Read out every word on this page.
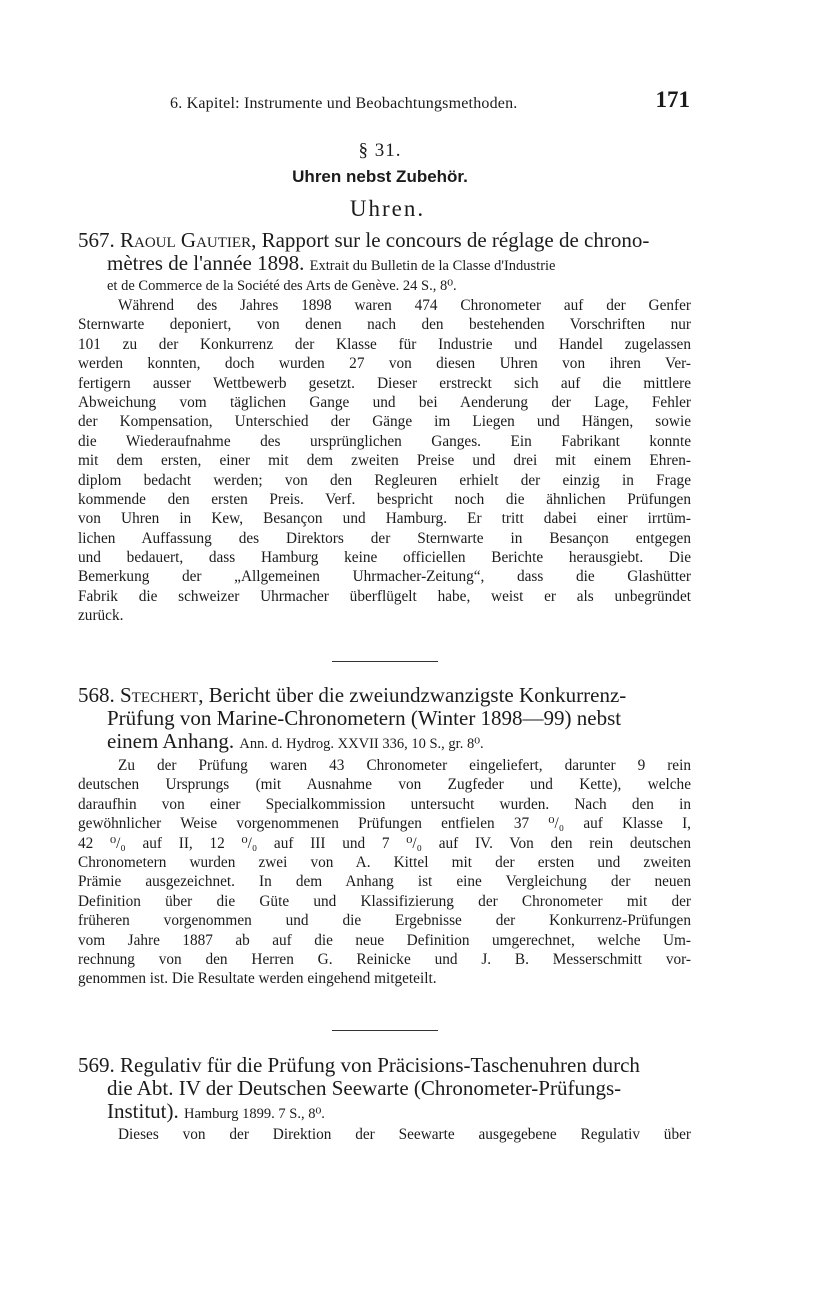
6. Kapitel: Instrumente und Beobachtungsmethoden.	171
§ 31.
Uhren nebst Zubehör.
Uhren.
567. Raoul Gautier, Rapport sur le concours de réglage de chrono-
mètres de l'année 1898. Extrait du Bulletin de la Classe d'Industrie
et de Commerce de la Société des Arts de Genève. 24 S., 8⁰.
Während des Jahres 1898 waren 474 Chronometer auf der Genfer
Sternwarte deponiert, von denen nach den bestehenden Vorschriften nur
101 zu der Konkurrenz der Klasse für Industrie und Handel zugelassen
werden konnten, doch wurden 27 von diesen Uhren von ihren Ver-
fertigern ausser Wettbewerb gesetzt. Dieser erstreckt sich auf die mittlere
Abweichung vom täglichen Gange und bei Aenderung der Lage, Fehler
der Kompensation, Unterschied der Gänge im Liegen und Hängen, sowie
die Wiederaufnahme des ursprünglichen Ganges. Ein Fabrikant konnte
mit dem ersten, einer mit dem zweiten Preise und drei mit einem Ehren-
diplom bedacht werden; von den Regleuren erhielt der einzig in Frage
kommende den ersten Preis. Verf. bespricht noch die ähnlichen Prüfungen
von Uhren in Kew, Besançon und Hamburg. Er tritt dabei einer irrtüm-
lichen Auffassung des Direktors der Sternwarte in Besançon entgegen
und bedauert, dass Hamburg keine officiellen Berichte herausgiebt. Die
Bemerkung der „Allgemeinen Uhrmacher-Zeitung“, dass die Glashütter
Fabrik die schweizer Uhrmacher überflügelt habe, weist er als unbegründet
zurück.
568. Stechert, Bericht über die zweiundzwanzigste Konkurrenz-
Prüfung von Marine-Chronometern (Winter 1898—99) nebst
einem Anhang. Ann. d. Hydrog. XXVII 336, 10 S., gr. 8⁰.
Zu der Prüfung waren 43 Chronometer eingeliefert, darunter 9 rein
deutschen Ursprungs (mit Ausnahme von Zugfeder und Kette), welche
daraufhin von einer Specialkommission untersucht wurden. Nach den in
gewöhnlicher Weise vorgenommenen Prüfungen entfielen 37 ⁰/₀ auf Klasse I,
42 ⁰/₀ auf II, 12 ⁰/₀ auf III und 7 ⁰/₀ auf IV. Von den rein deutschen
Chronometern wurden zwei von A. Kittel mit der ersten und zweiten
Prämie ausgezeichnet. In dem Anhang ist eine Vergleichung der neuen
Definition über die Güte und Klassifizierung der Chronometer mit der
früheren vorgenommen und die Ergebnisse der Konkurrenz-Prüfungen
vom Jahre 1887 ab auf die neue Definition umgerechnet, welche Um-
rechnung von den Herren G. Reinicke und J. B. Messerschmitt vor-
genommen ist. Die Resultate werden eingehend mitgeteilt.
569. Regulativ für die Prüfung von Präcisions-Taschenuhren durch
die Abt. IV der Deutschen Seewarte (Chronometer-Prüfungs-
Institut). Hamburg 1899. 7 S., 8⁰.
Dieses von der Direktion der Seewarte ausgegebene Regulativ über
